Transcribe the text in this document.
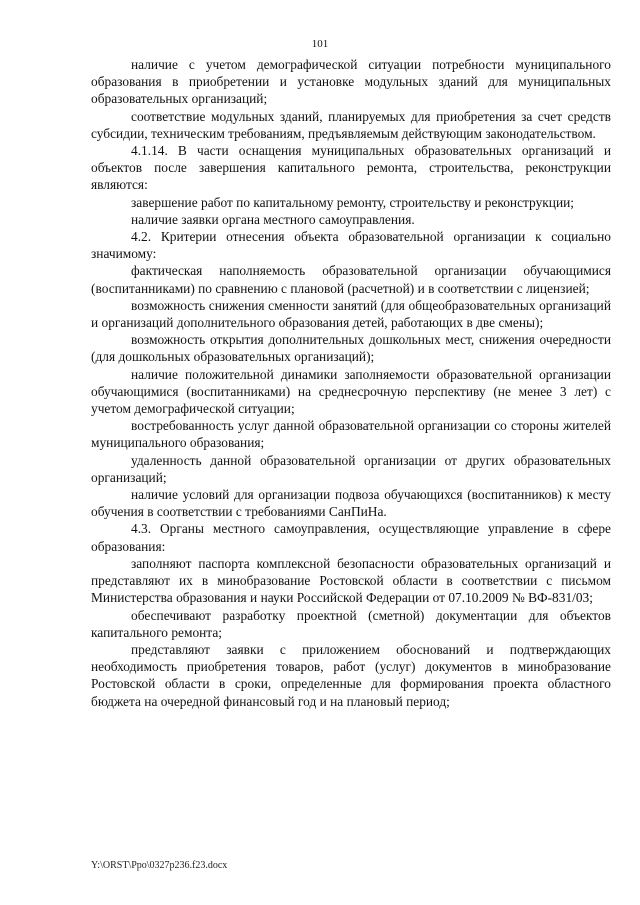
101

наличие с учетом демографической ситуации потребности муниципального образования в приобретении и установке модульных зданий для муниципальных образовательных организаций;

соответствие модульных зданий, планируемых для приобретения за счет средств субсидии, техническим требованиям, предъявляемым действующим законодательством.

4.1.14. В части оснащения муниципальных образовательных организаций и объектов после завершения капитального ремонта, строительства, реконструкции являются:

завершение работ по капитальному ремонту, строительству и реконструкции;

наличие заявки органа местного самоуправления.

4.2. Критерии отнесения объекта образовательной организации к социально значимому:

фактическая наполняемость образовательной организации обучающимися (воспитанниками) по сравнению с плановой (расчетной) и в соответствии с лицензией;

возможность снижения сменности занятий (для общеобразовательных организаций и организаций дополнительного образования детей, работающих в две смены);

возможность открытия дополнительных дошкольных мест, снижения очередности (для дошкольных образовательных организаций);

наличие положительной динамики заполняемости образовательной организации обучающимися (воспитанниками) на среднесрочную перспективу (не менее 3 лет) с учетом демографической ситуации;

востребованность услуг данной образовательной организации со стороны жителей муниципального образования;

удаленность данной образовательной организации от других образовательных организаций;

наличие условий для организации подвоза обучающихся (воспитанников) к месту обучения в соответствии с требованиями СанПиНа.

4.3. Органы местного самоуправления, осуществляющие управление в сфере образования:

заполняют паспорта комплексной безопасности образовательных организаций и представляют их в минобразование Ростовской области в соответствии с письмом Министерства образования и науки Российской Федерации от 07.10.2009 № ВФ-831/03;

обеспечивают разработку проектной (сметной) документации для объектов капитального ремонта;

представляют заявки с приложением обоснований и подтверждающих необходимость приобретения товаров, работ (услуг) документов в минобразование Ростовской области в сроки, определенные для формирования проекта областного бюджета на очередной финансовый год и на плановый период;

Y:\ORST\Ppo\0327p236.f23.docx
